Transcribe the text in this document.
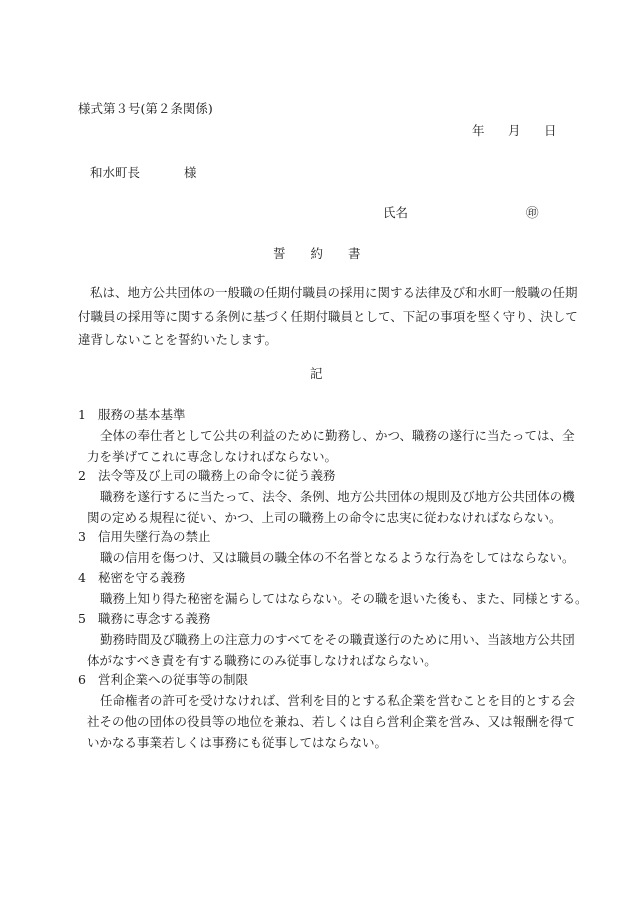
様式第３号(第２条関係)
年 月 日
和水町長	様
氏名	㊞
誓　　約　　書
私は、地方公共団体の一般職の任期付職員の採用に関する法律及び和水町一般職の任期
付職員の採用等に関する条例に基づく任期付職員として、下記の事項を堅く守り、決して
違背しないことを誓約いたします。
記
1 服務の基本基準
全体の奉仕者として公共の利益のために勤務し、かつ、職務の遂行に当たっては、全
力を挙げてこれに専念しなければならない。
2 法令等及び上司の職務上の命令に従う義務
職務を遂行するに当たって、法令、条例、地方公共団体の規則及び地方公共団体の機
関の定める規程に従い、かつ、上司の職務上の命令に忠実に従わなければならない。
3 信用失墜行為の禁止
職の信用を傷つけ、又は職員の職全体の不名誉となるような行為をしてはならない。
4 秘密を守る義務
職務上知り得た秘密を漏らしてはならない。その職を退いた後も、また、同様とする。
5 職務に専念する義務
勤務時間及び職務上の注意力のすべてをその職責遂行のために用い、当該地方公共団
体がなすべき責を有する職務にのみ従事しなければならない。
6 営利企業への従事等の制限
任命権者の許可を受けなければ、営利を目的とする私企業を営むことを目的とする会
社その他の団体の役員等の地位を兼ね、若しくは自ら営利企業を営み、又は報酬を得て
いかなる事業若しくは事務にも従事してはならない。
